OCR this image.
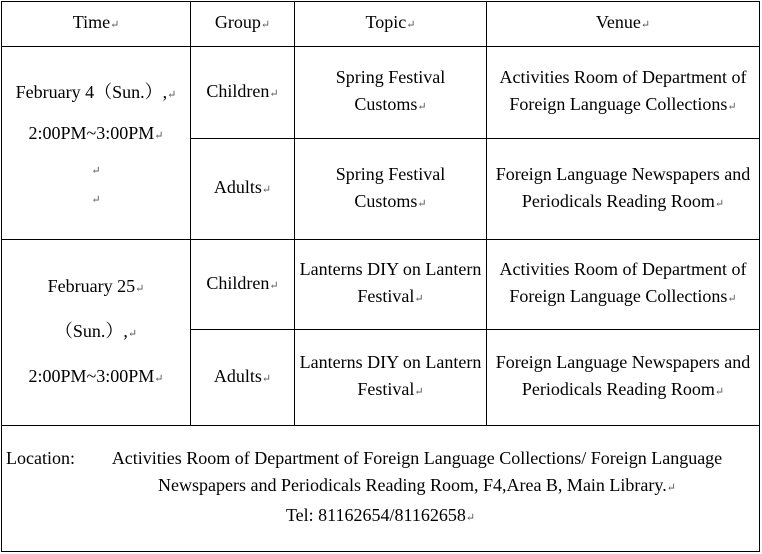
Time↵	Group↵	Topic↵	Venue↵

February 4（Sun.）,↵
2:00PM~3:00PM↵
↵
↵	Children↵	Spring Festival Customs↵	Activities Room of Department of Foreign Language Collections↵
	Adults↵	Spring Festival Customs↵	Foreign Language Newspapers and Periodicals Reading Room↵

February 25↵
（Sun.）,↵
2:00PM~3:00PM↵	Children↵	Lanterns DIY on Lantern Festival↵	Activities Room of Department of Foreign Language Collections↵
	Adults↵	Lanterns DIY on Lantern Festival↵	Foreign Language Newspapers and Periodicals Reading Room↵

Location: Activities Room of Department of Foreign Language Collections/ Foreign Language Newspapers and Periodicals Reading Room, F4,Area B, Main Library.↵
Tel: 81162654/81162658↵			
